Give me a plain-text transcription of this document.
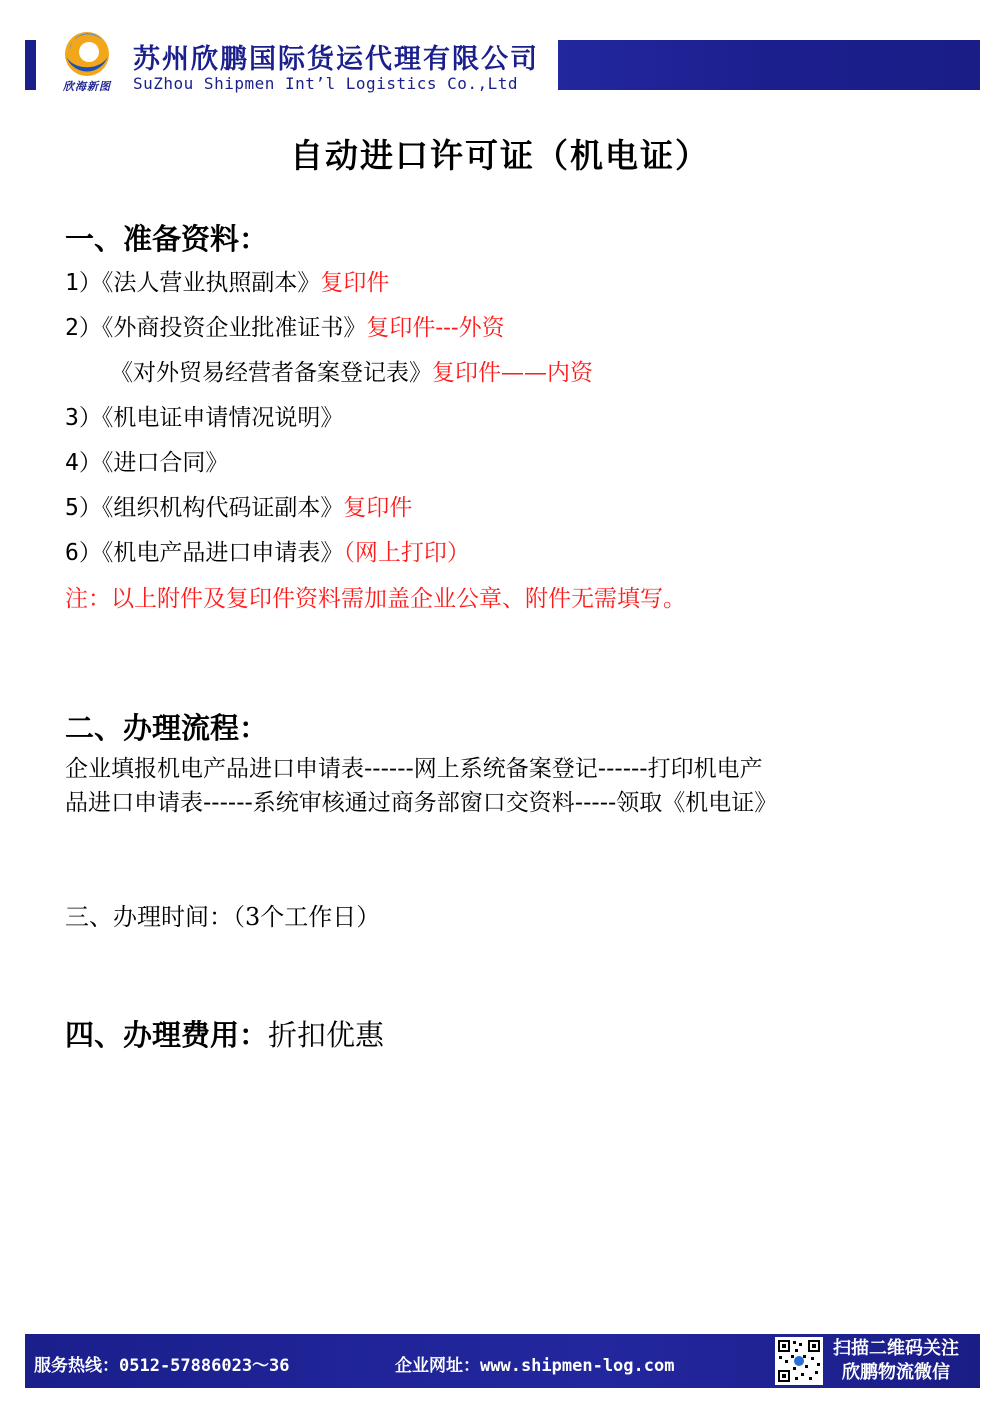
欣海新图
苏州欣鹏国际货运代理有限公司
SuZhou Shipmen Int’l Logistics Co.,Ltd
自动进口许可证（机电证）
一、准备资料：
1）《法人营业执照副本》复印件
2）《外商投资企业批准证书》复印件---外资
《对外贸易经营者备案登记表》复印件——内资
3）《机电证申请情况说明》
4）《进口合同》
5）《组织机构代码证副本》复印件
6）《机电产品进口申请表》（网上打印）
注：以上附件及复印件资料需加盖企业公章、附件无需填写。
二、办理流程：
企业填报机电产品进口申请表------网上系统备案登记------打印机电产
品进口申请表------系统审核通过商务部窗口交资料-----领取《机电证》
三、办理时间：（3个工作日）
四、办理费用：折扣优惠
服务热线：0512-57886023～36	企业网址：www.shipmen-log.com
扫描二维码关注
欣鹏物流微信
